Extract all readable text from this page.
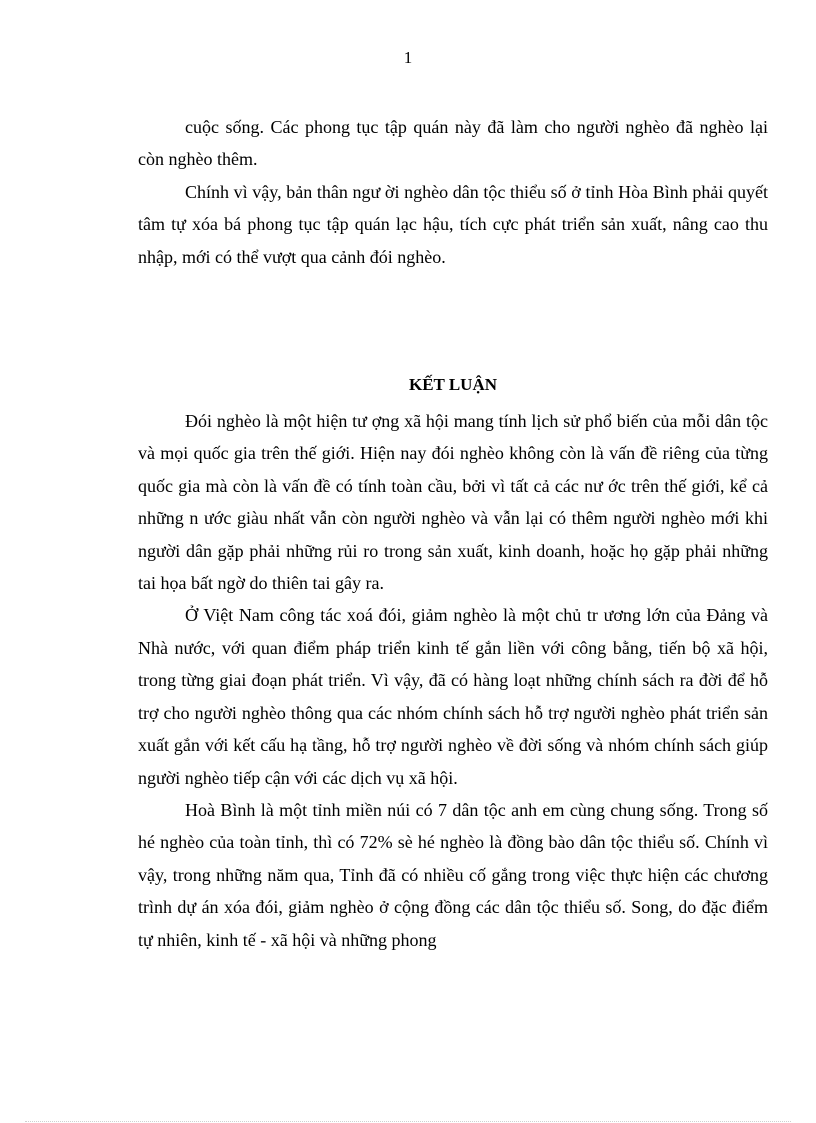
1

cuộc sống. Các phong tục tập quán này đã làm cho người nghèo đã nghèo lại còn nghèo thêm.

Chính vì vậy, bản thân ngư ời nghèo dân tộc thiểu số ở tỉnh Hòa Bình phải quyết tâm tự xóa bá phong tục tập quán lạc hậu, tích cực phát triển sản xuất, nâng cao thu nhập, mới có thể vượt qua cảnh đói nghèo.

KẾT LUẬN

Đói nghèo là một hiện tư ợng xã hội mang tính lịch sử phổ biến của mỗi dân tộc và mọi quốc gia trên thế giới. Hiện nay đói nghèo không còn là vấn đề riêng của từng quốc gia mà còn là vấn đề có tính toàn cầu, bởi vì tất cả các nư ớc trên thế giới, kể cả những n ước giàu nhất vẫn còn người nghèo và vẫn lại có thêm người nghèo mới khi người dân gặp phải những rủi ro trong sản xuất, kinh doanh, hoặc họ gặp phải những tai họa bất ngờ do thiên tai gây ra.

Ở Việt Nam công tác xoá đói, giảm nghèo là một chủ tr ương lớn của Đảng và Nhà nước, với quan điểm pháp triển kinh tế gắn liền với công bằng, tiến bộ xã hội, trong từng giai đoạn phát triển. Vì vậy, đã có hàng loạt những chính sách ra đời để hỗ trợ cho người nghèo thông qua các nhóm chính sách hỗ trợ người nghèo phát triển sản xuất gắn với kết cấu hạ tầng, hỗ trợ người nghèo về đời sống và nhóm chính sách giúp người nghèo tiếp cận với các dịch vụ xã hội.

Hoà Bình là một tỉnh miền núi có 7 dân tộc anh em cùng chung sống. Trong số hé nghèo của toàn tỉnh, thì có 72% sè hé nghèo là đồng bào dân tộc thiểu số. Chính vì vậy, trong những năm qua, Tỉnh đã có nhiều cố gắng trong việc thực hiện các chương trình dự án xóa đói, giảm nghèo ở cộng đồng các dân tộc thiểu số. Song, do đặc điểm tự nhiên, kinh tế - xã hội và những phong
